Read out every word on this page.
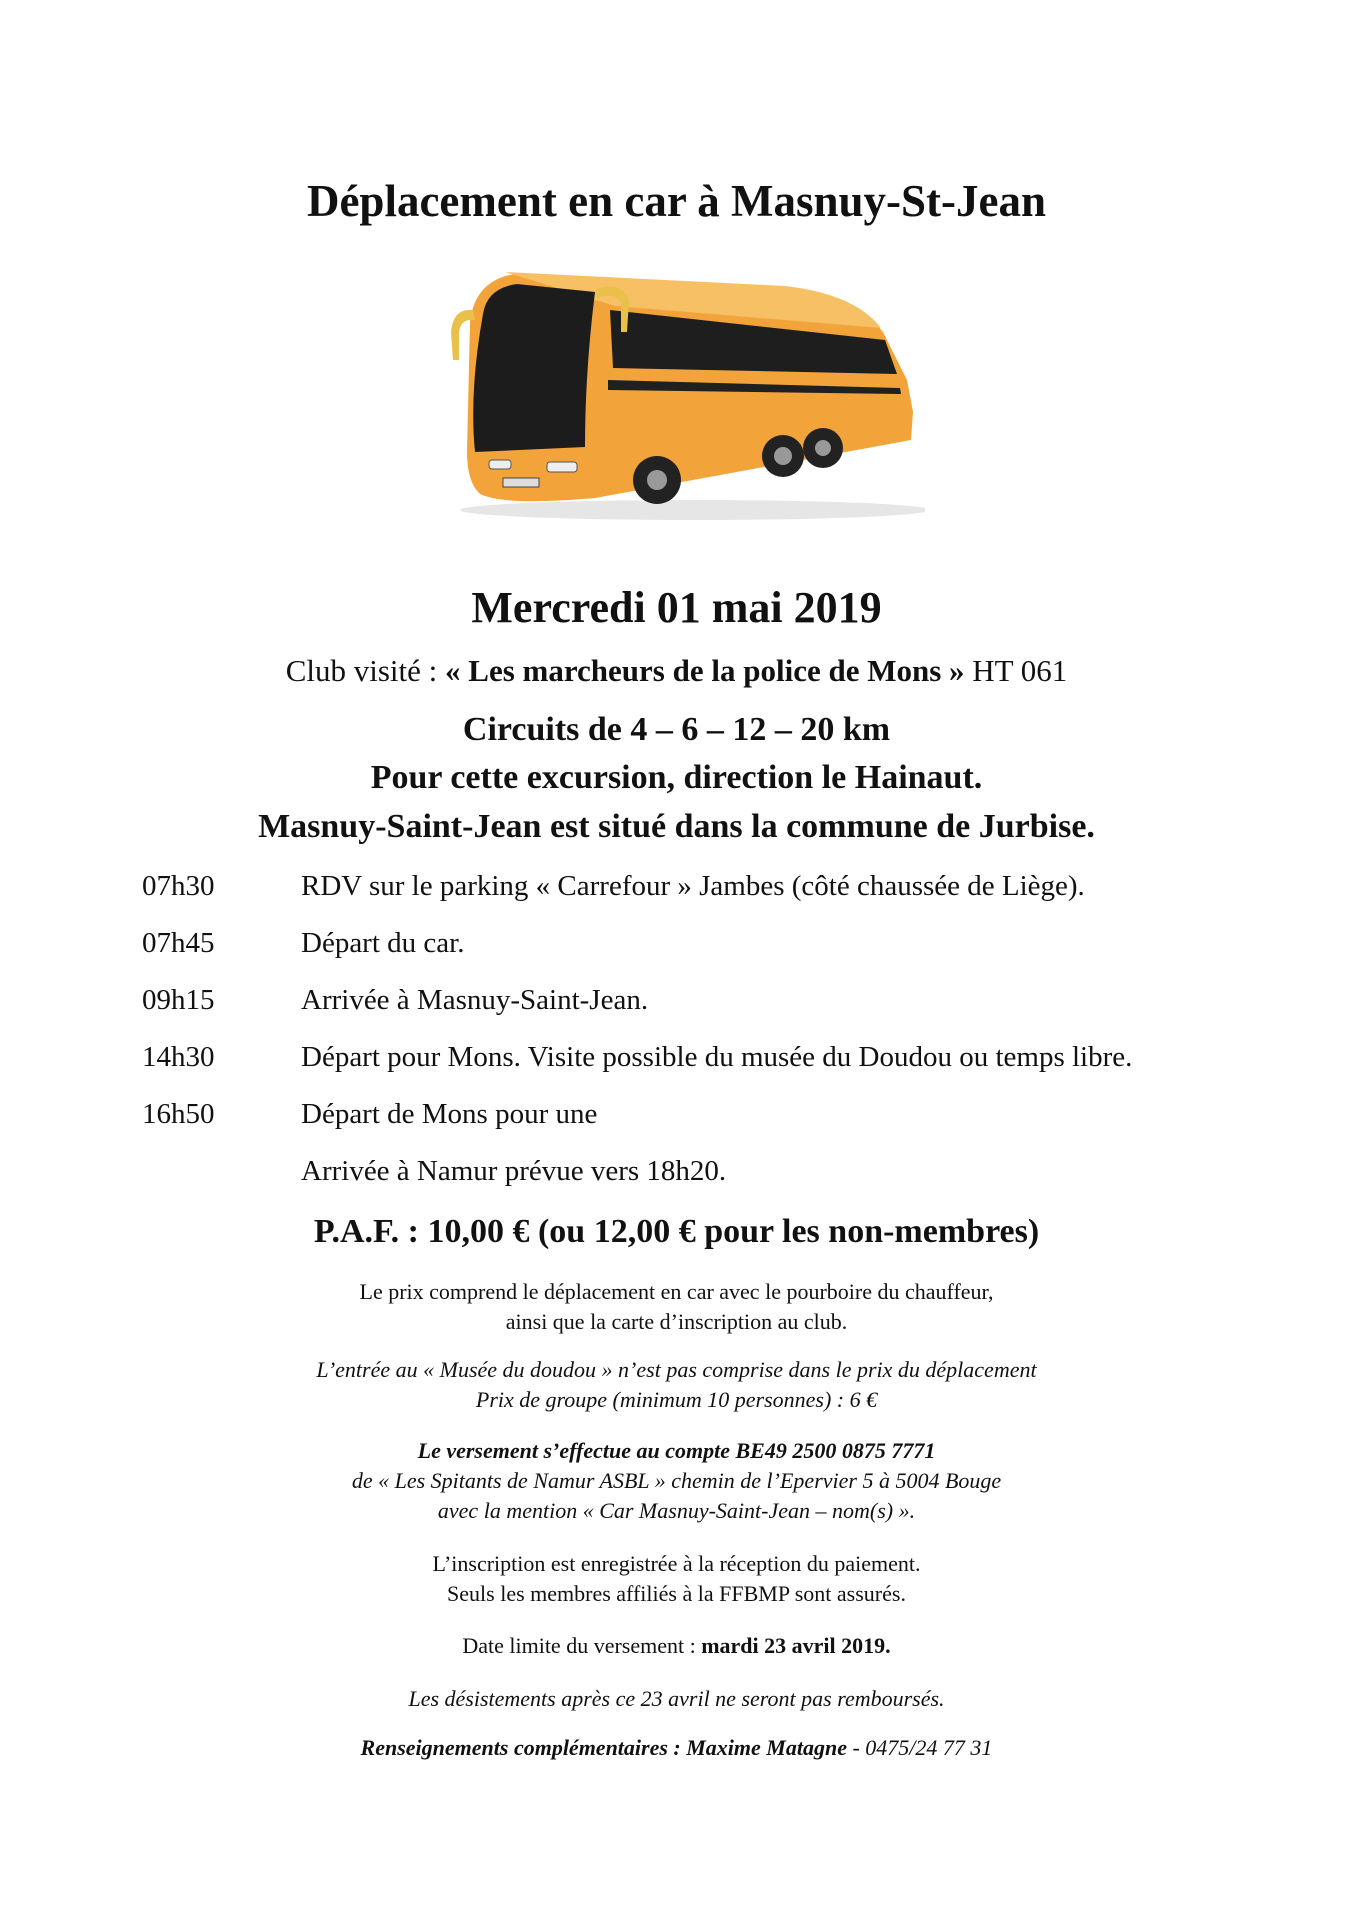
Déplacement en car à Masnuy-St-Jean
Mercredi 01 mai 2019
Club visité : « Les marcheurs de la police de Mons » HT 061
Circuits de 4 – 6 – 12 – 20 km
Pour cette excursion, direction le Hainaut.
Masnuy-Saint-Jean est situé dans la commune de Jurbise.
07h30	RDV sur le parking « Carrefour » Jambes (côté chaussée de Liège).
07h45	Départ du car.
09h15	Arrivée à Masnuy-Saint-Jean.
14h30	Départ pour Mons. Visite possible du musée du Doudou ou temps libre.
16h50	Départ de Mons pour une
Arrivée à Namur prévue vers 18h20.
P.A.F. : 10,00 € (ou 12,00 € pour les non-membres)
Le prix comprend le déplacement en car avec le pourboire du chauffeur,
ainsi que la carte d’inscription au club.
L’entrée au « Musée du doudou » n’est pas comprise dans le prix du déplacement
Prix de groupe (minimum 10 personnes) : 6 €
Le versement s’effectue au compte BE49 2500 0875 7771
de « Les Spitants de Namur ASBL » chemin de l’Epervier 5 à 5004 Bouge
avec la mention « Car Masnuy-Saint-Jean – nom(s) ».
L’inscription est enregistrée à la réception du paiement.
Seuls les membres affiliés à la FFBMP sont assurés.
Date limite du versement : mardi 23 avril 2019.
Les désistements après ce 23 avril ne seront pas remboursés.
Renseignements complémentaires : Maxime Matagne - 0475/24 77 31
